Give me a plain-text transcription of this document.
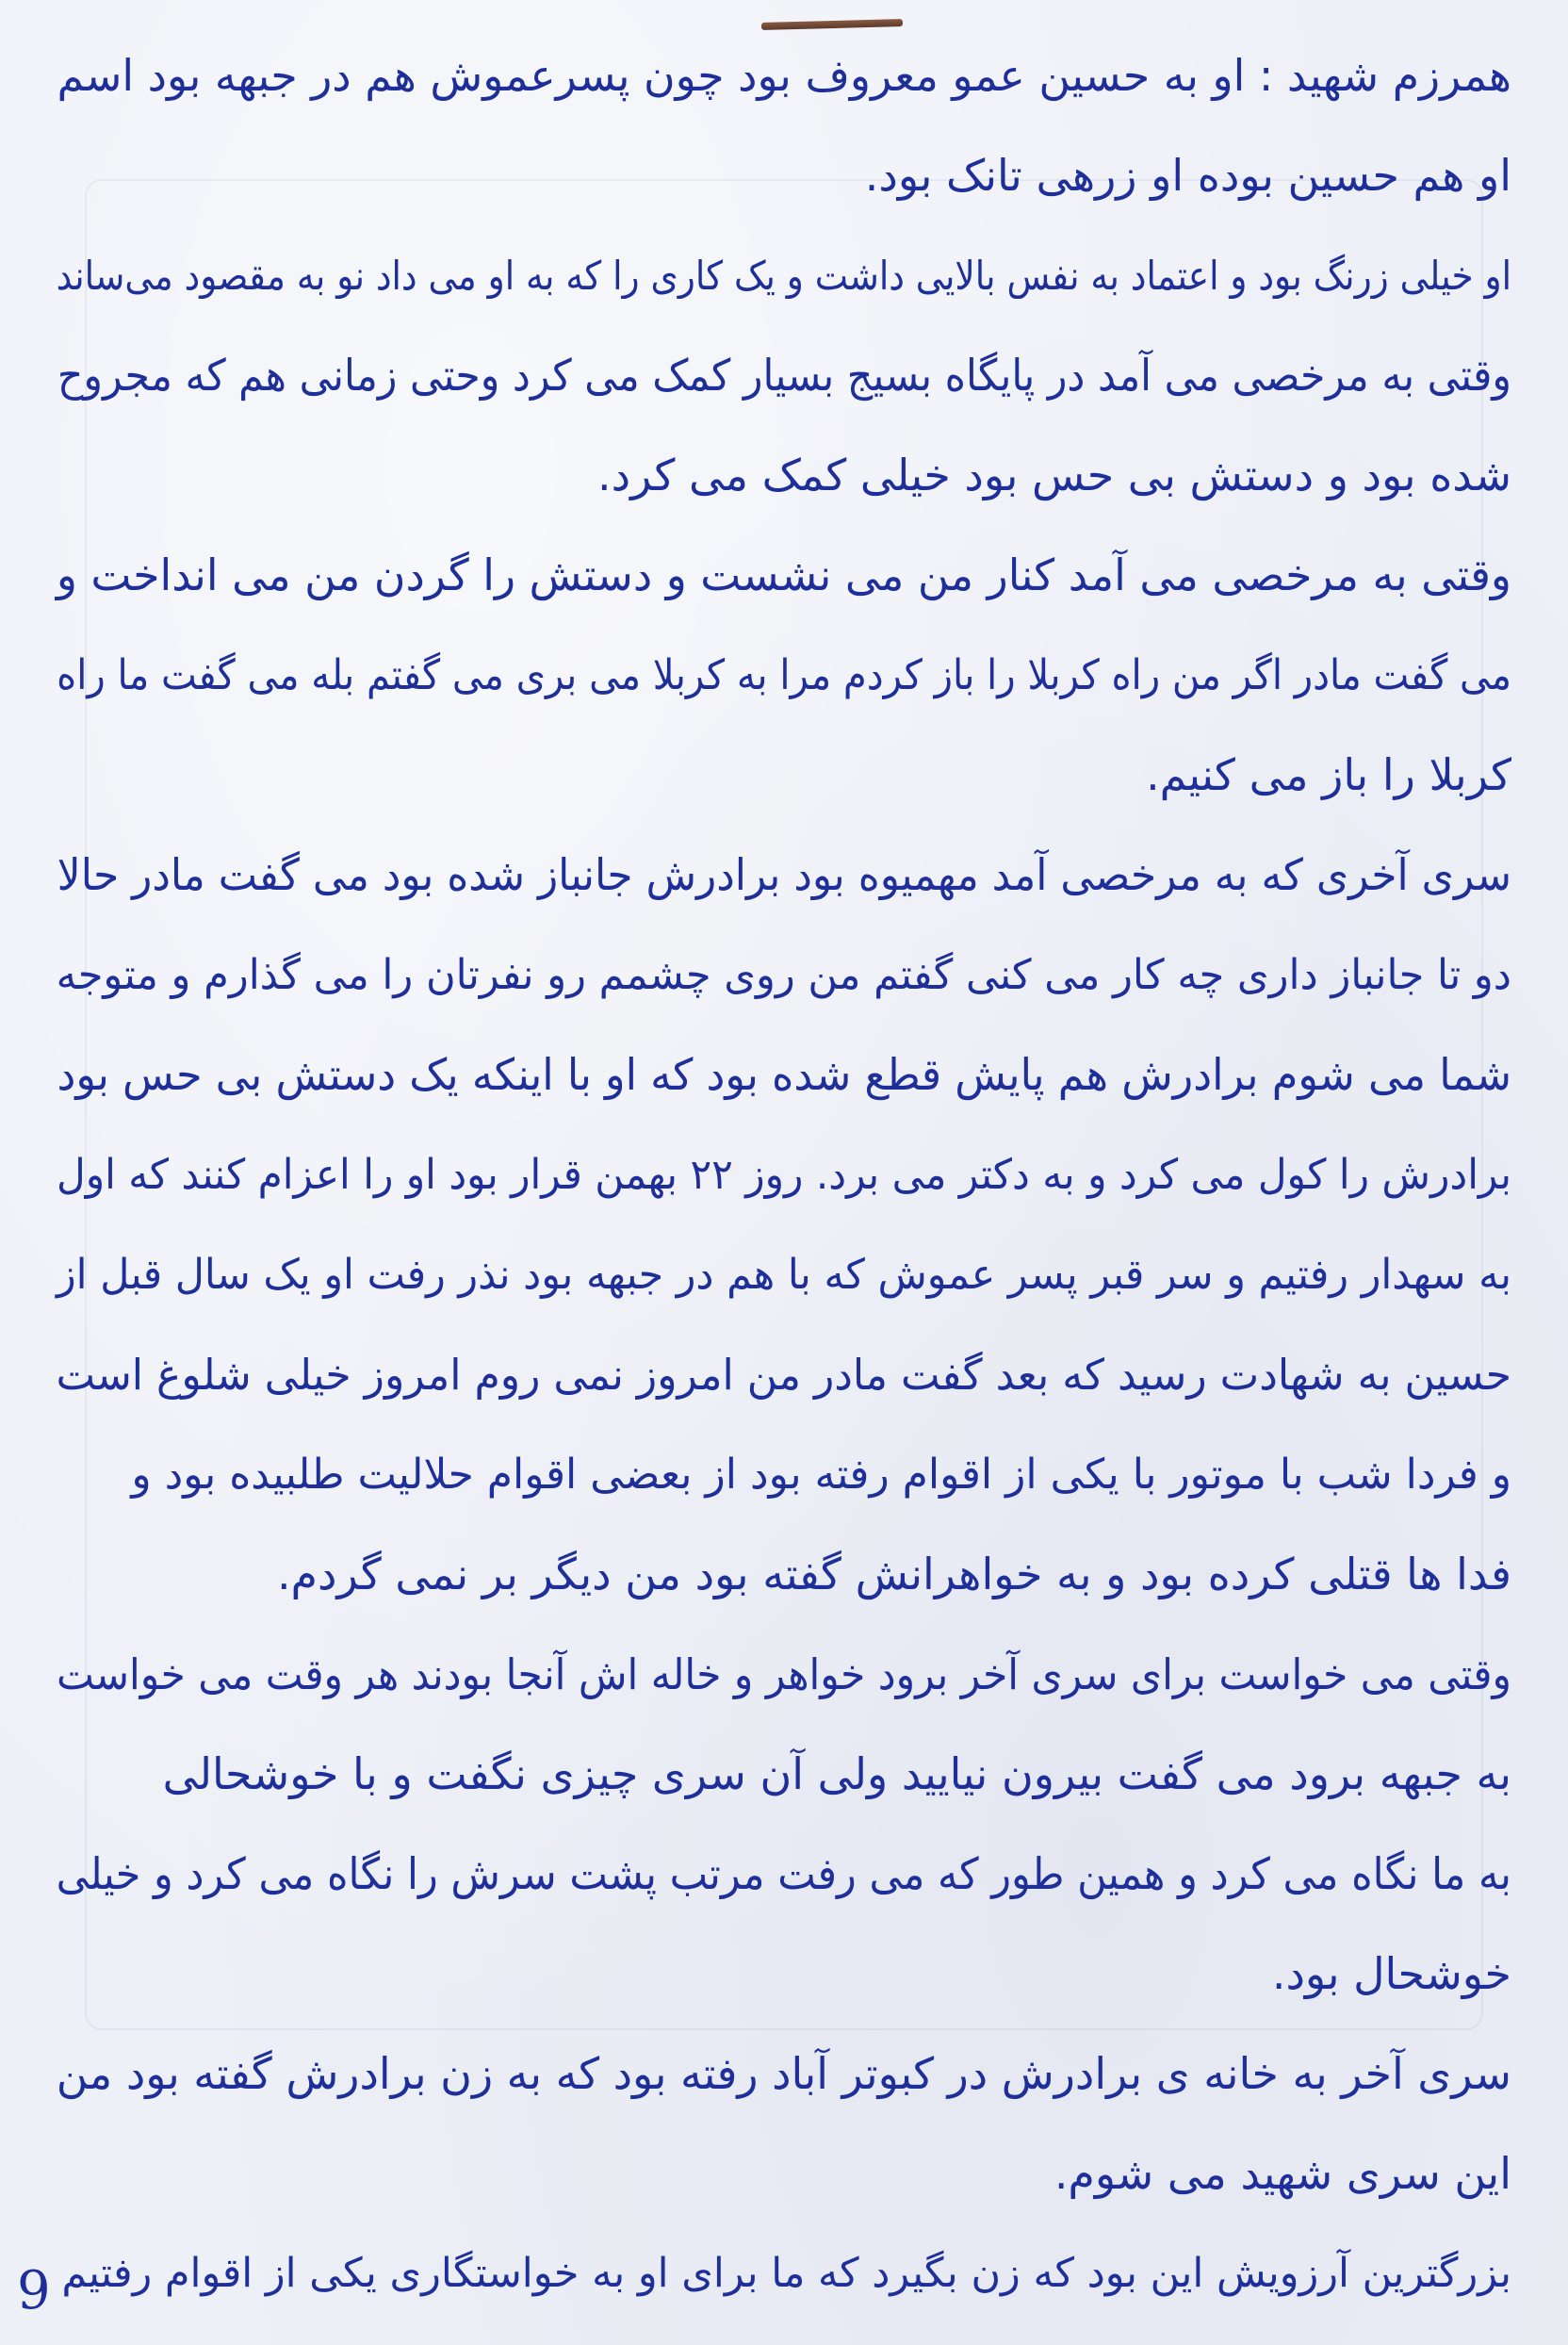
همرزم شهید : او به حسین عمو معروف بود چون پسرعموش هم در جبهه بود اسم
او هم حسین بوده او زرهی تانک بود.
او خیلی زرنگ بود و اعتماد به نفس بالایی داشت و یک کاری را که به او می داد نو به مقصود می‌ساند
وقتی به مرخصی می آمد در پایگاه بسیج بسیار کمک می کرد وحتی زمانی هم که مجروح
شده بود و دستش بی حس بود خیلی کمک می کرد.
وقتی به مرخصی می آمد کنار من می نشست و دستش را گردن من می انداخت و
می گفت مادر اگر من راه کربلا را باز کردم مرا به کربلا می بری می گفتم بله می گفت ما راه
کربلا را باز می کنیم.
سری آخری که به مرخصی آمد مهمیوه بود برادرش جانباز شده بود می گفت مادر حالا
دو تا جانباز داری چه کار می کنی گفتم من روی چشمم رو نفرتان را می گذارم و متوجه
شما می شوم برادرش هم پایش قطع شده بود که او با اینکه یک دستش بی حس بود
برادرش را کول می کرد و به دکتر می برد. روز ۲۲ بهمن قرار بود او را اعزام کنند که اول
به سهدار رفتیم و سر قبر پسر عموش که با هم در جبهه بود نذر رفت او یک سال قبل از
حسین به شهادت رسید که بعد گفت مادر من امروز نمی روم امروز خیلی شلوغ است
و فردا شب با موتور با یکی از اقوام رفته بود از بعضی اقوام حلالیت طلبیده بود و
فدا ها قتلی کرده بود و به خواهرانش گفته بود من دیگر بر نمی گردم.
وقتی می خواست برای سری آخر برود خواهر و خاله اش آنجا بودند هر وقت می خواست
به جبهه برود می گفت بیرون نیایید ولی آن سری چیزی نگفت و با خوشحالی
به ما نگاه می کرد و همین طور که می رفت مرتب پشت سرش را نگاه می کرد و خیلی
خوشحال بود.
سری آخر به خانه ی برادرش در کبوتر آباد رفته بود که به زن برادرش گفته بود من
این سری شهید می شوم.
بزرگترین آرزویش این بود که زن بگیرد که ما برای او به خواستگاری یکی از اقوام رفتیم
9
